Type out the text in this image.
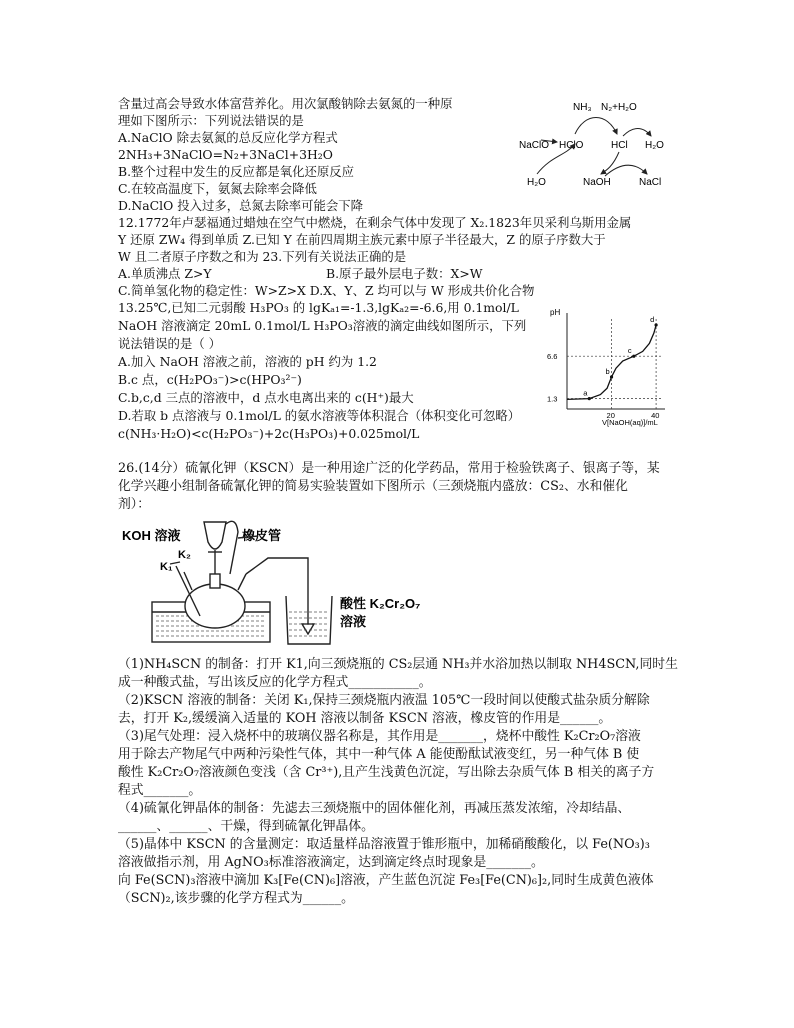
含量过高会导致水体富营养化。用次氯酸钠除去氨氮的一种原
理如下图所示：下列说法错误的是
A.NaClO 除去氨氮的总反应化学方程式
2NH₃+3NaClO=N₂+3NaCl+3H₂O
B.整个过程中发生的反应都是氧化还原反应
C.在较高温度下，氨氮去除率会降低
D.NaClO 投入过多，总氮去除率可能会下降
NH₃ N₂+H₂O
NaClO HClO	HCl H₂O
H₂O	NaOH	NaCl
12.1772年卢瑟福通过蜡烛在空气中燃烧，在剩余气体中发现了 X₂.1823年贝采利乌斯用金属
Y 还原 ZW₄ 得到单质 Z.已知 Y 在前四周期主族元素中原子半径最大，Z 的原子序数大于
W 且二者原子序数之和为 23.下列有关说法正确的是
A.单质沸点 Z>Y	B.原子最外层电子数：X>W
C.简单氢化物的稳定性：W>Z>X D.X、Y、Z 均可以与 W 形成共价化合物
13.25℃,已知二元弱酸 H₃PO₃ 的 lgKₐ₁=-1.3,lgKₐ₂=-6.6,用 0.1mol/L
NaOH 溶液滴定 20mL 0.1mol/L H₃PO₃溶液的滴定曲线如图所示，下列
说法错误的是（ ）
A.加入 NaOH 溶液之前，溶液的 pH 约为 1.2
B.c 点，c(H₂PO₃⁻)>c(HPO₃²⁻)
C.b,c,d 三点的溶液中，d 点水电离出来的 c(H⁺)最大
D.若取 b 点溶液与 0.1mol/L 的氨水溶液等体积混合（体积变化可忽略）
c(NH₃·H₂O)<c(H₂PO₃⁻)+2c(H₃PO₃)+0.025mol/L
pH
V[NaOH(aq)]/mL
6.6
1.3
20	40
a
b
c
d
26.(14分）硫氰化钾（KSCN）是一种用途广泛的化学药品，常用于检验铁离子、银离子等，某
化学兴趣小组制备硫氰化钾的简易实验装置如下图所示（三颈烧瓶内盛放：CS₂、水和催化
剂）：
KOH 溶液
K₂
K₁
橡皮管
酸性 K₂Cr₂O₇
溶液
（1)NH₄SCN 的制备：打开 K1,向三颈烧瓶的 CS₂层通 NH₃并水浴加热以制取 NH4SCN,同时生
成一种酸式盐，写出该反应的化学方程式___________。
（2)KSCN 溶液的制备：关闭 K₁,保持三颈烧瓶内液温 105℃一段时间以使酸式盐杂质分解除
去，打开 K₂,缓缓滴入适量的 KOH 溶液以制备 KSCN 溶液，橡皮管的作用是______。
（3)尾气处理：浸入烧杯中的玻璃仪器名称是，其作用是_______，烧杯中酸性 K₂Cr₂O₇溶液
用于除去产物尾气中两种污染性气体，其中一种气体 A 能使酚酞试液变红，另一种气体 B 使
酸性 K₂Cr₂O₇溶液颜色变浅（含 Cr³⁺),且产生浅黄色沉淀，写出除去杂质气体 B 相关的离子方
程式_______。
（4)硫氰化钾晶体的制备：先滤去三颈烧瓶中的固体催化剂，再减压蒸发浓缩，冷却结晶、
______、______、干燥，得到硫氰化钾晶体。
（5)晶体中 KSCN 的含量测定：取适量样品溶液置于锥形瓶中，加稀硝酸酸化，以 Fe(NO₃)₃
溶液做指示剂，用 AgNO₃标准溶液滴定，达到滴定终点时现象是_______。
向 Fe(SCN)₃溶液中滴加 K₃[Fe(CN)₆]溶液，产生蓝色沉淀 Fe₃[Fe(CN)₆]₂,同时生成黄色液体
（SCN)₂,该步骤的化学方程式为______。
